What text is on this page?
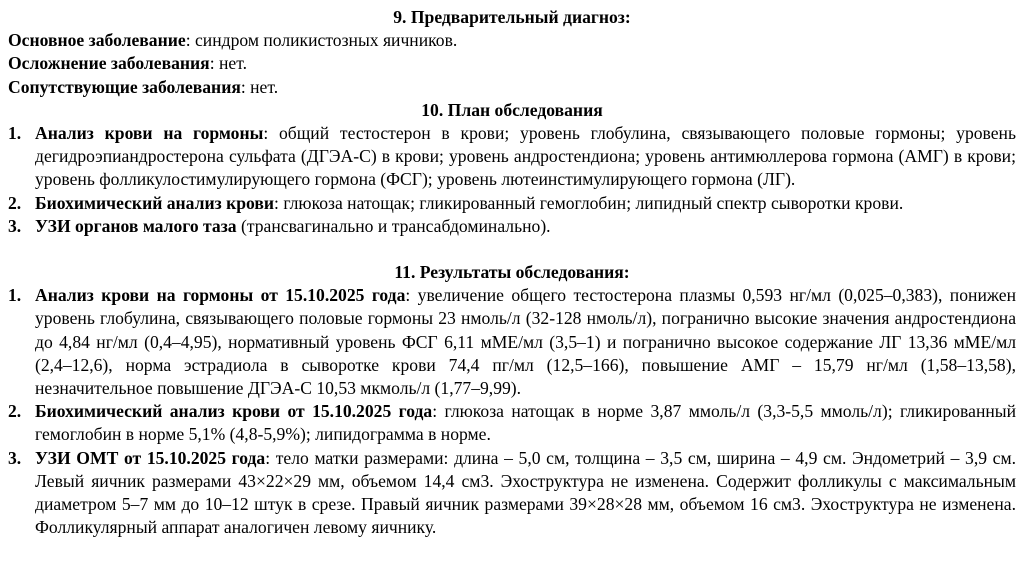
9. Предварительный диагноз:

Основное заболевание: синдром поликистозных яичников.

Осложнение заболевания: нет.

Сопутствующие заболевания: нет.

10. План обследования
1. Анализ крови на гормоны: общий тестостерон в крови; уровень глобулина, связывающего половые гормоны; уровень дегидроэпиандростерона сульфата (ДГЭА-С) в крови; уровень андростендиона; уровень антимюллерова гормона (АМГ) в крови; уровень фолликулостимулирующего гормона (ФСГ); уровень лютеинстимулирующего гормона (ЛГ).
2. Биохимический анализ крови: глюкоза натощак; гликированный гемоглобин; липидный спектр сыворотки крови.
3. УЗИ органов малого таза (трансвагинально и трансабдоминально).
11. Результаты обследования:
1. Анализ крови на гормоны от 15.10.2025 года: увеличение общего тестостерона плазмы 0,593 нг/мл (0,025–0,383), понижен уровень глобулина, связывающего половые гормоны 23 нмоль/л (32-128 нмоль/л), погранично высокие значения андростендиона до 4,84 нг/мл (0,4–4,95), нормативный уровень ФСГ 6,11 мМЕ/мл (3,5–1) и погранично высокое содержание ЛГ 13,36 мМЕ/мл (2,4–12,6), норма эстрадиола в сыворотке крови 74,4 пг/мл (12,5–166), повышение АМГ – 15,79 нг/мл (1,58–13,58), незначительное повышение ДГЭА-С 10,53 мкмоль/л (1,77–9,99).
2. Биохимический анализ крови от 15.10.2025 года: глюкоза натощак в норме 3,87 ммоль/л (3,3-5,5 ммоль/л); гликированный гемоглобин в норме 5,1% (4,8-5,9%); липидограмма в норме.
3. УЗИ ОМТ от 15.10.2025 года: тело матки размерами: длина – 5,0 см, толщина – 3,5 см, ширина – 4,9 см. Эндометрий – 3,9 см. Левый яичник размерами 43×22×29 мм, объемом 14,4 см3. Эхоструктура не изменена. Содержит фолликулы с максимальным диаметром 5–7 мм до 10–12 штук в срезе. Правый яичник размерами 39×28×28 мм, объемом 16 см3. Эхоструктура не изменена. Фолликулярный аппарат аналогичен левому яичнику.
